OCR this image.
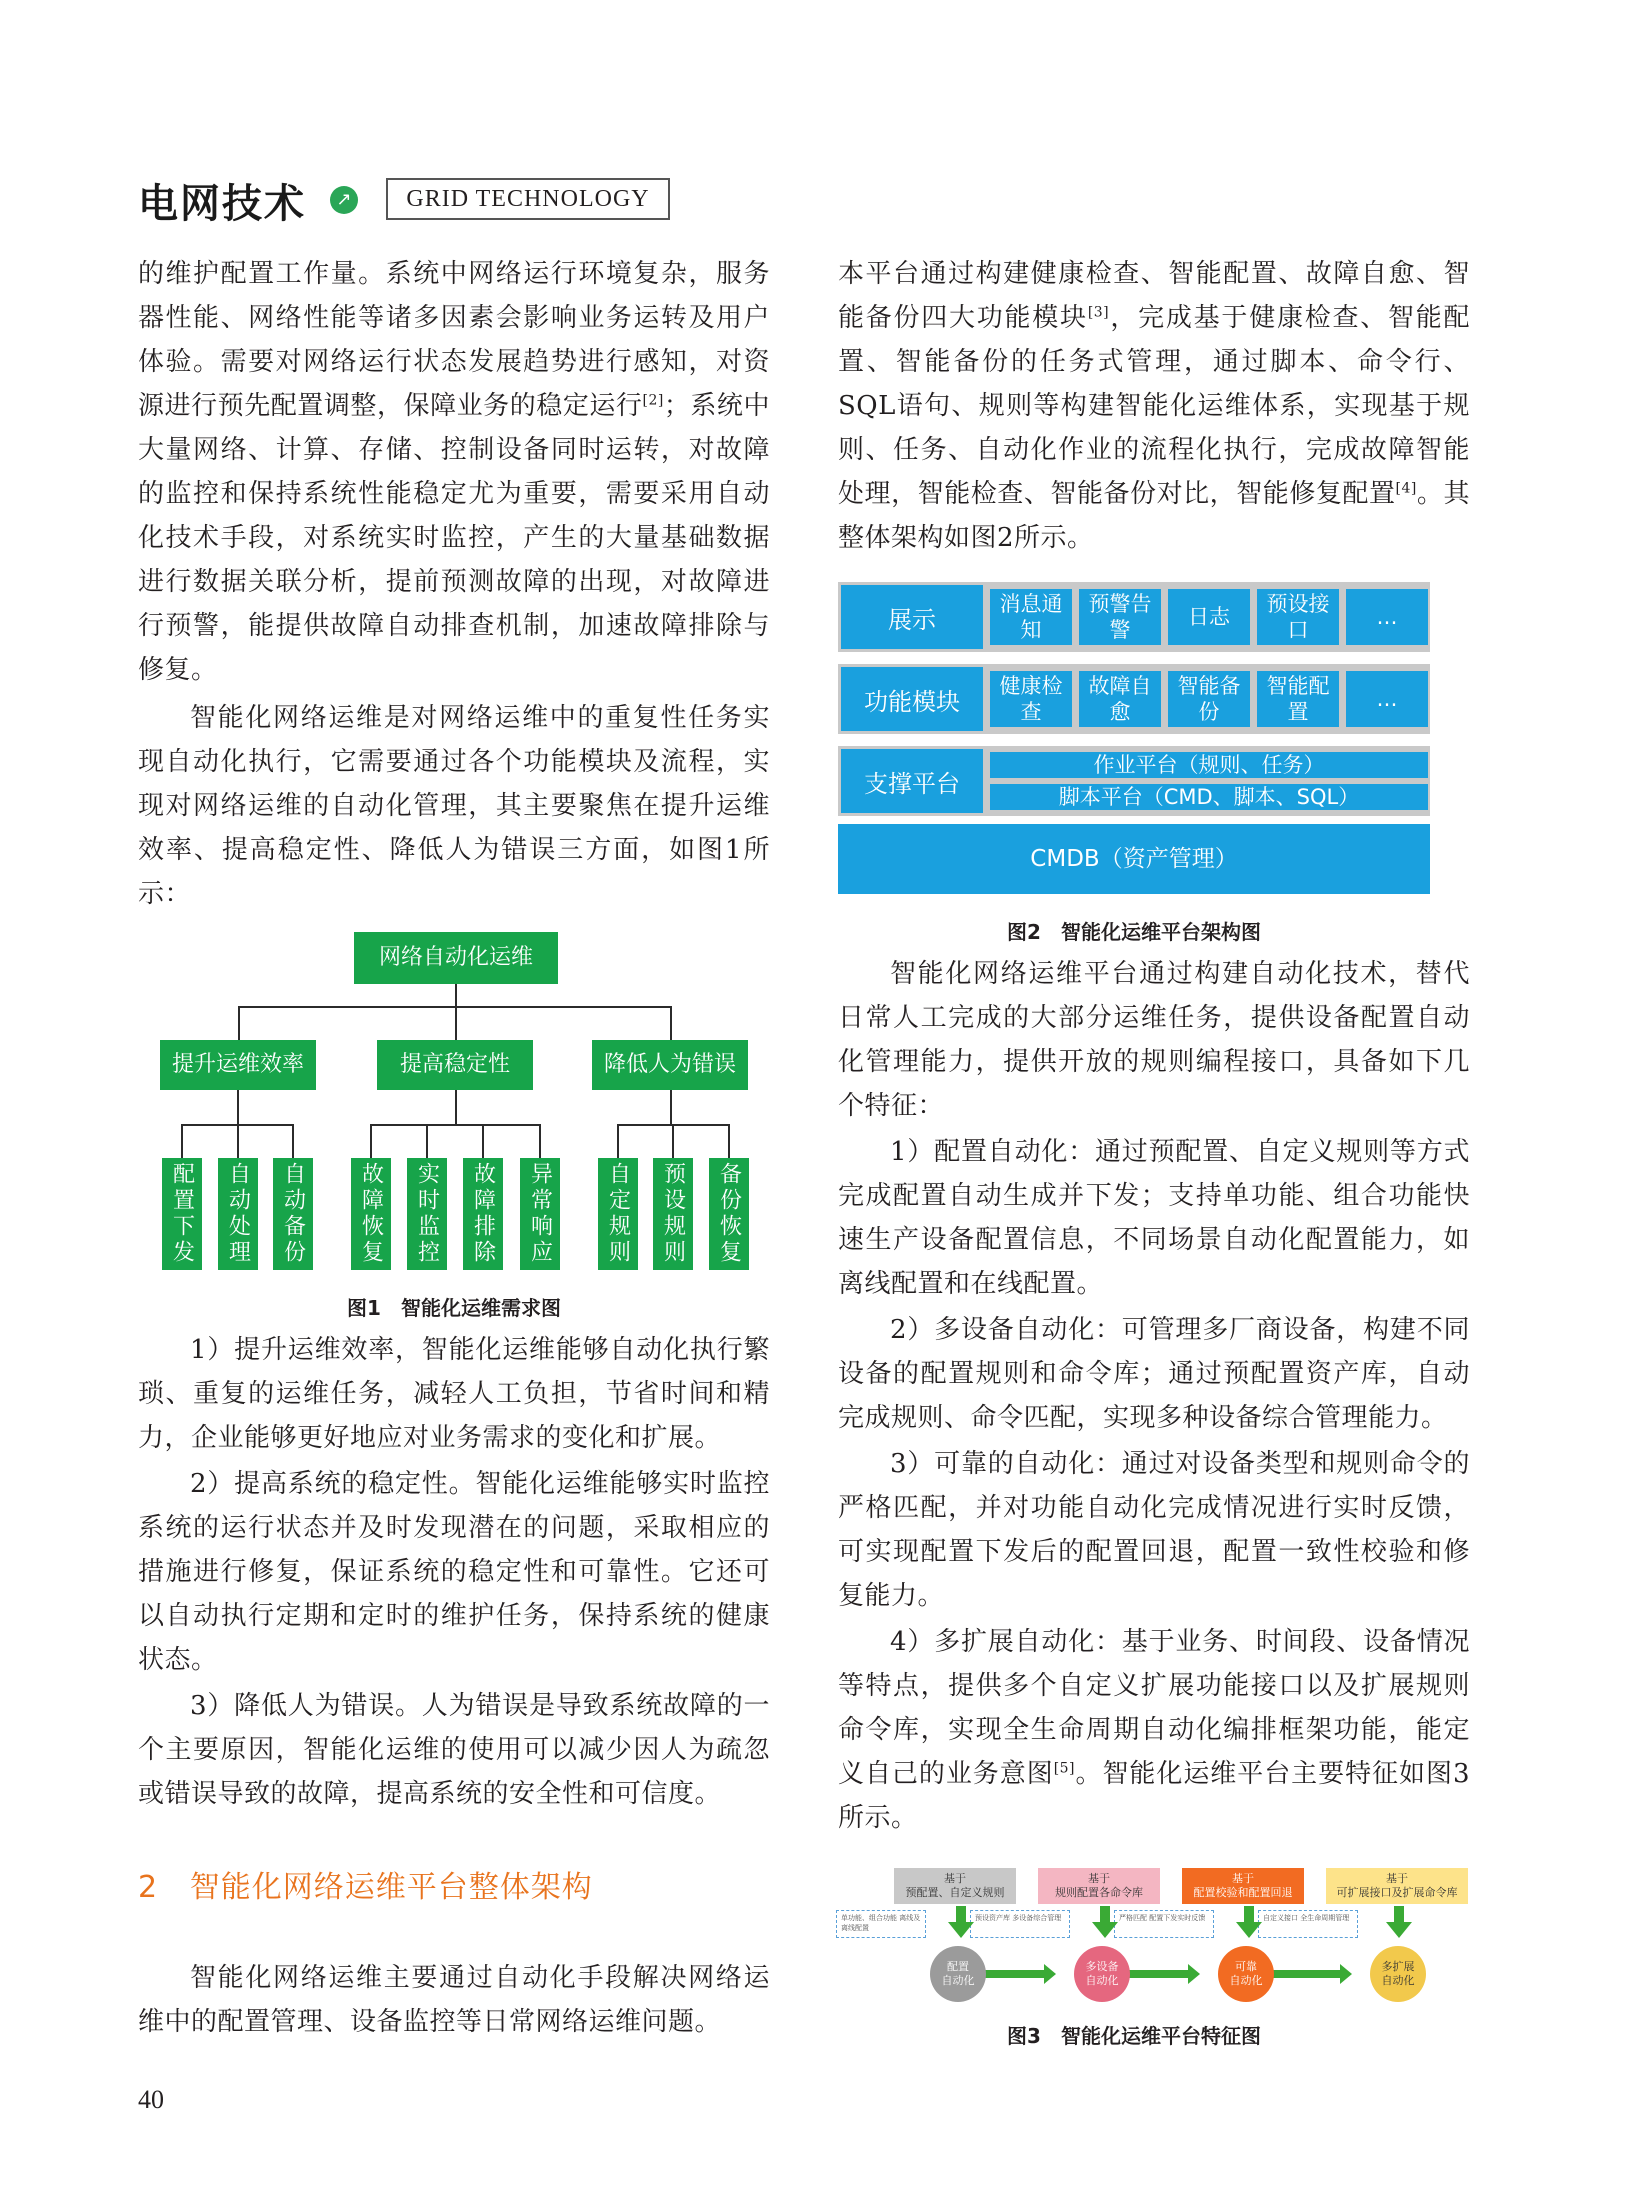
电网技术	↗	GRID TECHNOLOGY

的维护配置工作量。系统中网络运行环境复杂，服务器性能、网络性能等诸多因素会影响业务运转及用户体验。需要对网络运行状态发展趋势进行感知，对资源进行预先配置调整，保障业务的稳定运行[2]；系统中大量网络、计算、存储、控制设备同时运转，对故障的监控和保持系统性能稳定尤为重要，需要采用自动化技术手段，对系统实时监控，产生的大量基础数据进行数据关联分析，提前预测故障的出现，对故障进行预警，能提供故障自动排查机制，加速故障排除与修复。

智能化网络运维是对网络运维中的重复性任务实现自动化执行，它需要通过各个功能模块及流程，实现对网络运维的自动化管理，其主要聚焦在提升运维效率、提高稳定性、降低人为错误三方面，如图1所示：

网络自动化运维
提升运维效率	提高稳定性	降低人为错误
配置下发	自动处理	自动备份	故障恢复	实时监控	故障排除	异常响应	自定规则	预设规则	备份恢复
图1　智能化运维需求图

1）提升运维效率，智能化运维能够自动化执行繁琐、重复的运维任务，减轻人工负担，节省时间和精力，企业能够更好地应对业务需求的变化和扩展。

2）提高系统的稳定性。智能化运维能够实时监控系统的运行状态并及时发现潜在的问题，采取相应的措施进行修复，保证系统的稳定性和可靠性。它还可以自动执行定期和定时的维护任务，保持系统的健康状态。

3）降低人为错误。人为错误是导致系统故障的一个主要原因，智能化运维的使用可以减少因人为疏忽或错误导致的故障，提高系统的安全性和可信度。

2 智能化网络运维平台整体架构

智能化网络运维主要通过自动化手段解决网络运维中的配置管理、设备监控等日常网络运维问题。

本平台通过构建健康检查、智能配置、故障自愈、智能备份四大功能模块[3]，完成基于健康检查、智能配置、智能备份的任务式管理，通过脚本、命令行、SQL语句、规则等构建智能化运维体系，实现基于规则、任务、自动化作业的流程化执行，完成故障智能处理，智能检查、智能备份对比，智能修复配置[4]。其整体架构如图2所示。

展示
消息通知
预警告警
日志
预设接口
…
功能模块
健康检查
故障自愈
智能备份
智能配置
…
支撑平台
作业平台（规则、任务）
脚本平台（CMD、脚本、SQL）
CMDB（资产管理）
图2　智能化运维平台架构图

智能化网络运维平台通过构建自动化技术，替代日常人工完成的大部分运维任务，提供设备配置自动化管理能力，提供开放的规则编程接口，具备如下几个特征：

1）配置自动化：通过预配置、自定义规则等方式完成配置自动生成并下发；支持单功能、组合功能快速生产设备配置信息，不同场景自动化配置能力，如离线配置和在线配置。

2）多设备自动化：可管理多厂商设备，构建不同设备的配置规则和命令库；通过预配置资产库，自动完成规则、命令匹配，实现多种设备综合管理能力。

3）可靠的自动化：通过对设备类型和规则命令的严格匹配，并对功能自动化完成情况进行实时反馈，可实现配置下发后的配置回退，配置一致性校验和修复能力。

4）多扩展自动化：基于业务、时间段、设备情况等特点，提供多个自定义扩展功能接口以及扩展规则命令库，实现全生命周期自动化编排框架功能，能定义自己的业务意图[5]。智能化运维平台主要特征如图3所示。

基于
预配置、自定义规则
基于
规则配置各命令库
基于
配置校验和配置回退
基于
可扩展接口及扩展命令库
单功能、组合功能 离线及离线配置
预设资产库 多设备综合管理	严格匹配 配置下发实时反馈	自定义接口 全生命周期管理
配置
自动化
多设备
自动化
可靠
自动化
多扩展
自动化
图3　智能化运维平台特征图
40
